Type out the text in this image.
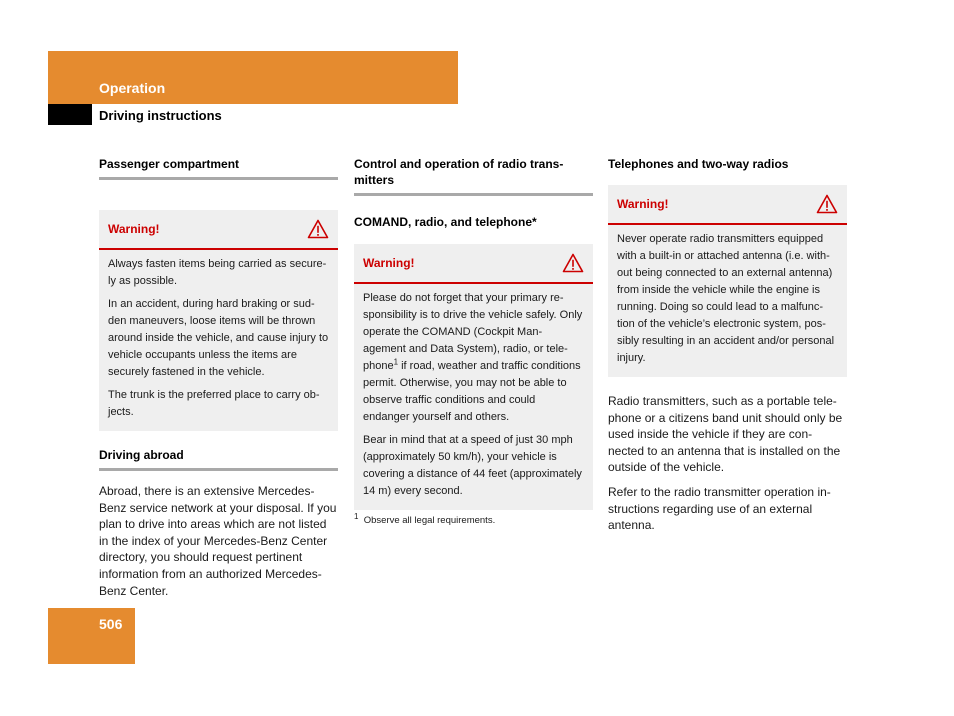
Operation
Driving instructions
Passenger compartment
Warning!

Always fasten items being carried as secure-ly as possible.

In an accident, during hard braking or sud-den maneuvers, loose items will be thrown around inside the vehicle, and cause injury to vehicle occupants unless the items are securely fastened in the vehicle.

The trunk is the preferred place to carry ob-jects.

Driving abroad

Abroad, there is an extensive Mercedes-Benz service network at your disposal. If you plan to drive into areas which are not listed in the index of your Mercedes-Benz Center directory, you should request pertinent information from an authorized Mercedes-Benz Center.

Control and operation of radio trans-mitters
COMAND, radio, and telephone*
Warning!

Please do not forget that your primary re-sponsibility is to drive the vehicle safely. Only operate the COMAND (Cockpit Man-agement and Data System), radio, or tele-phone$^1$ if road, weather and traffic conditions permit. Otherwise, you may not be able to observe traffic conditions and could endanger yourself and others.

Bear in mind that at a speed of just 30 mph (approximately 50 km/h), your vehicle is covering a distance of 44 feet (approximately 14 m) every second.

$^1$ Observe all legal requirements.
Telephones and two-way radios
Warning!

Never operate radio transmitters equipped with a built-in or attached antenna (i.e. with-out being connected to an external antenna) from inside the vehicle while the engine is running. Doing so could lead to a malfunc-tion of the vehicle’s electronic system, pos-sibly resulting in an accident and/or personal injury.

Radio transmitters, such as a portable tele-phone or a citizens band unit should only be used inside the vehicle if they are con-nected to an antenna that is installed on the outside of the vehicle.

Refer to the radio transmitter operation in-structions regarding use of an external antenna.

506
